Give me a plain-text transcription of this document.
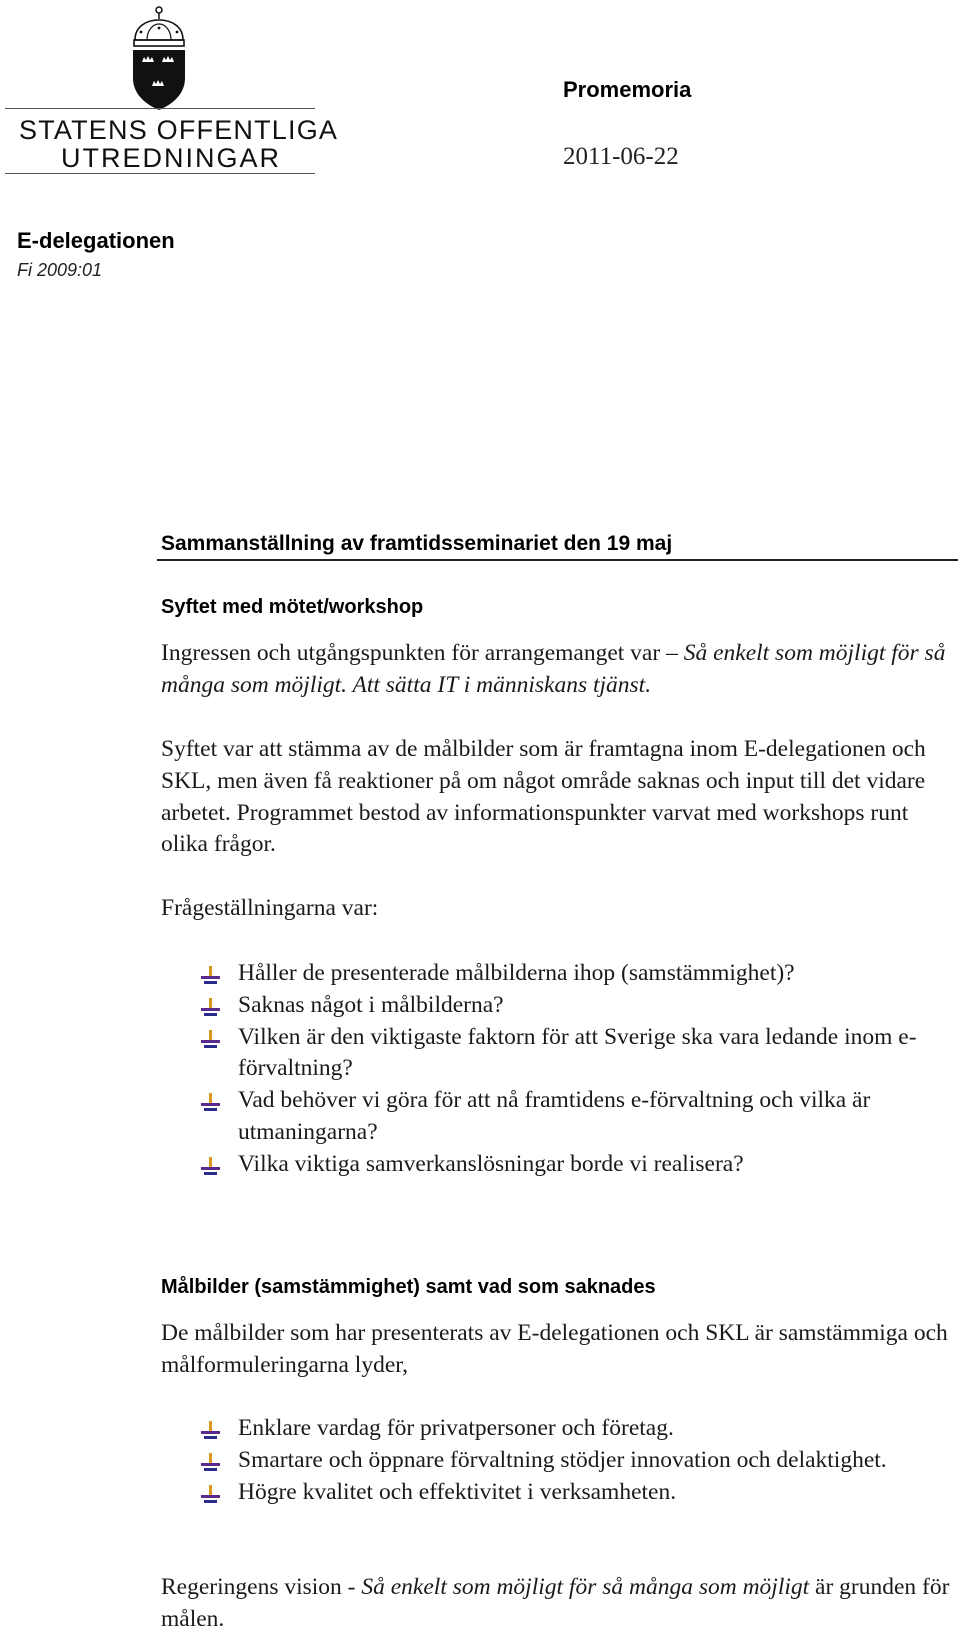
STATENS OFFENTLIGA
UTREDNINGAR
Promemoria
2011-06-22
E-delegationen
Fi 2009:01
Sammanställning av framtidsseminariet den 19 maj
Syftet med mötet/workshop

Ingressen och utgångspunkten för arrangemanget var – Så enkelt som möjligt för så många som möjligt. Att sätta IT i människans tjänst.

Syftet var att stämma av de målbilder som är framtagna inom E-delegationen och SKL, men även få reaktioner på om något område saknas och input till det vidare arbetet. Programmet bestod av informationspunkter varvat med workshops runt olika frågor.

Frågeställningarna var:

Håller de presenterade målbilderna ihop (samstämmighet)?
Saknas något i målbilderna?
Vilken är den viktigaste faktorn för att Sverige ska vara ledande inom e-förvaltning?
Vad behöver vi göra för att nå framtidens e-förvaltning och vilka är utmaningarna?
Vilka viktiga samverkanslösningar borde vi realisera?
Målbilder (samstämmighet) samt vad som saknades

De målbilder som har presenterats av E-delegationen och SKL är samstämmiga och målformuleringarna lyder,

Enklare vardag för privatpersoner och företag.
Smartare och öppnare förvaltning stödjer innovation och delaktighet.
Högre kvalitet och effektivitet i verksamheten.

Regeringens vision - Så enkelt som möjligt för så många som möjligt är grunden för målen.
